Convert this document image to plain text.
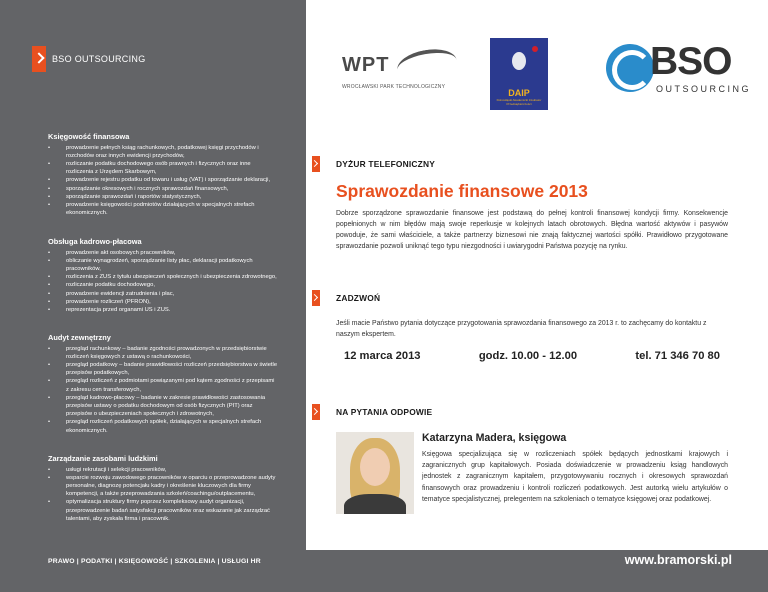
BSO OUTSOURCING
Księgowość finansowa
• prowadzenie pełnych ksiąg rachunkowych, podatkowej księgi przychodów i rozchodów oraz innych ewidencji przychodów,
• rozliczanie podatku dochodowego osób prawnych i fizycznych oraz inne rozliczenia z Urzędem Skarbowym,
• prowadzenie rejestru podatku od towaru i usług (VAT) i sporządzanie deklaracji,
• sporządzanie okresowych i rocznych sprawozdań finansowych,
• sporządzanie sprawozdań i raportów statystycznych,
• prowadzenie księgowości podmiotów działających w specjalnych strefach ekonomicznych.
Obsługa kadrowo-płacowa
• prowadzenie akt osobowych pracowników,
• obliczanie wynagrodzeń, sporządzanie listy płac, deklaracji podatkowych pracowników,
• rozliczenia z ZUS z tytułu ubezpieczeń społecznych i ubezpieczenia zdrowotnego,
• rozliczanie podatku dochodowego,
• prowadzenie ewidencji zatrudnienia i płac,
• prowadzenie rozliczeń (PFRON),
• reprezentacja przed organami US i ZUS.
Audyt zewnętrzny
• przegląd rachunkowy – badanie zgodności prowadzonych w przedsiębiorstwie rozliczeń księgowych z ustawą o rachunkowości,
• przegląd podatkowy – badanie prawidłowości rozliczeń przedsiębiorstwa w świetle przepisów podatkowych,
• przegląd rozliczeń z podmiotami powiązanymi pod kątem zgodności z przepisami z zakresu cen transferowych,
• przegląd kadrowo-płacowy – badanie w zakresie prawidłowości zastosowania przepisów ustawy o podatku dochodowym od osób fizycznych (PIT) oraz przepisów o ubezpieczeniach społecznych i zdrowotnych,
• przegląd rozliczeń podatkowych spółek, działających w specjalnych strefach ekonomicznych.
Zarządzanie zasobami ludzkimi
• usługi rekrutacji i selekcji pracowników,
• wsparcie rozwoju zawodowego pracowników w oparciu o przeprowadzone audyty personalne, diagnozę potencjału kadry i określenie kluczowych dla firmy kompetencji, a także przeprowadzania szkoleń/coachingu/outplacementu,
• optymalizacja struktury firmy poprzez kompleksowy audyt organizacji, przeprowadzenie badań satysfakcji pracowników oraz wskazanie jak zarządzać talentami, aby zyskała firma i pracownik.
PRAWO | PODATKI | KSIĘGOWOŚĆ | SZKOLENIA | USŁUGI HR	www.bramorski.pl
WPT
WROCŁAWSKI PARK TECHNOLOGICZNY
DAIP
Dolnośląski Akademicki Inkubator Przedsiębiorczości
BSO
OUTSOURCING
DYŻUR TELEFONICZNY
Sprawozdanie finansowe 2013
Dobrze sporządzone sprawozdanie finansowe jest podstawą do pełnej kontroli finansowej kondycji firmy. Konsekwencje popełnionych w nim błędów mają swoje reperkusje w kolejnych latach obrotowych. Błędna wartość aktywów i pasywów powoduje, że sami właściciele, a także partnerzy biznesowi nie znają faktycznej wartości spółki. Prawidłowo przygotowane sprawozdanie pozwoli uniknąć tego typu niezgodności i uwiarygodni Państwa pozycję na rynku.
ZADZWOŃ
Jeśli macie Państwo pytania dotyczące przygotowania sprawozdania finansowego za 2013 r. to zachęcamy do kontaktu z naszym ekspertem.
12 marca 2013	godz. 10.00 - 12.00	tel. 71 346 70 80
NA PYTANIA ODPOWIE
Katarzyna Madera, księgowa
Księgowa specjalizująca się w rozliczeniach spółek będących jednostkami krajowych i zagranicznych grup kapitałowych. Posiada doświadczenie w prowadzeniu ksiąg handlowych jednostek z zagranicznym kapitałem, przygotowywaniu rocznych i okresowych sprawozdań finansowych oraz prowadzeniu i kontroli rozliczeń podatkowych. Jest autorką wielu artykułów o tematyce specjalistycznej, prelegentem na szkoleniach o tematyce księgowej oraz podatkowej.
